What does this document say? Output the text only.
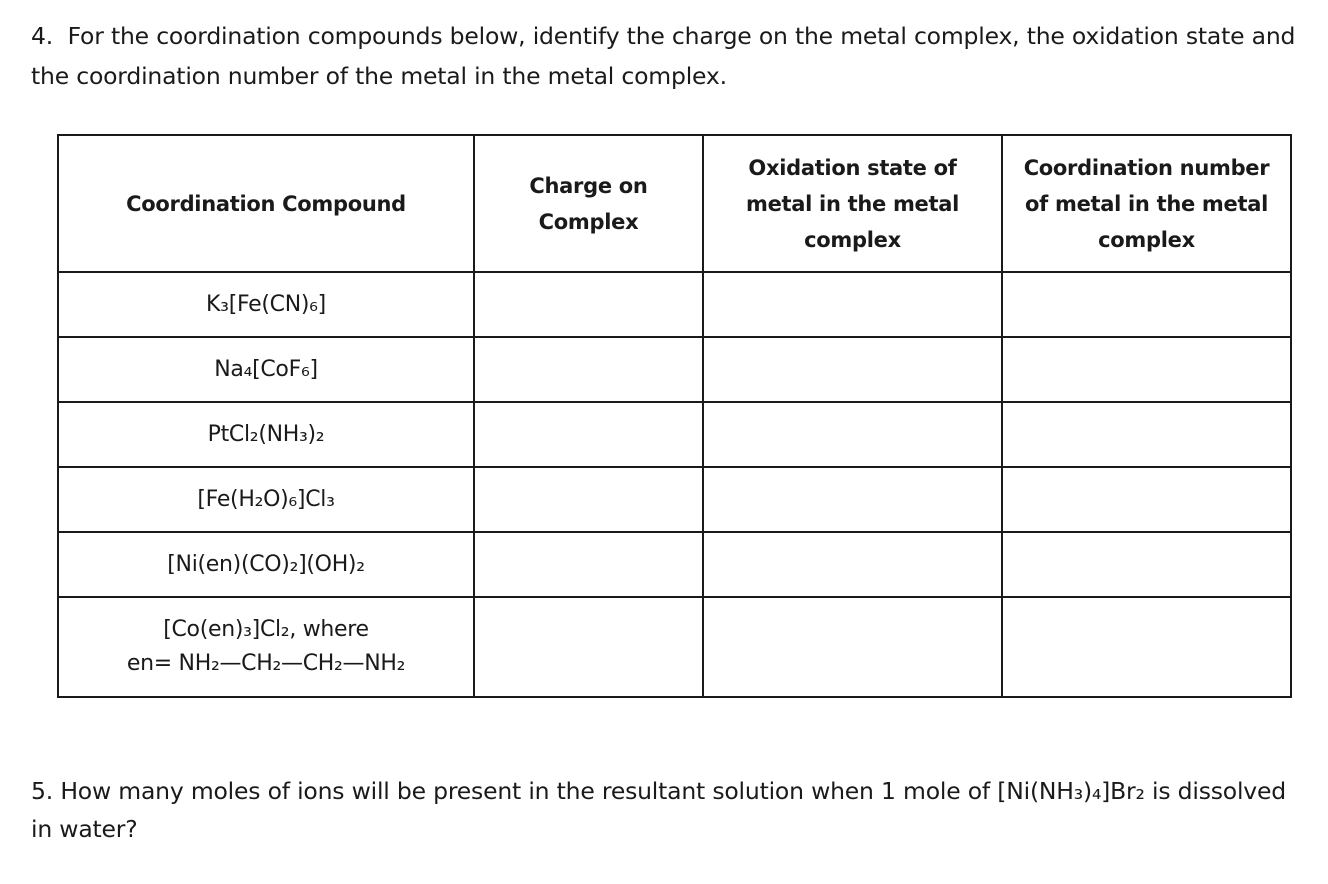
4. For the coordination compounds below, identify the charge on the metal complex, the oxidation state and the coordination number of the metal in the metal complex.

Coordination Compound	Charge on Complex	Oxidation state of metal in the metal complex	Coordination number of metal in the metal complex
K₃[Fe(CN)₆]			
Na₄[CoF₆]			
PtCl₂(NH₃)₂			
[Fe(H₂O)₆]Cl₃			
[Ni(en)(CO)₂](OH)₂			

[Co(en)₃]Cl₂, where
en= NH₂—CH₂—CH₂—NH₂			

5. How many moles of ions will be present in the resultant solution when 1 mole of [Ni(NH₃)₄]Br₂ is dissolved in water?
